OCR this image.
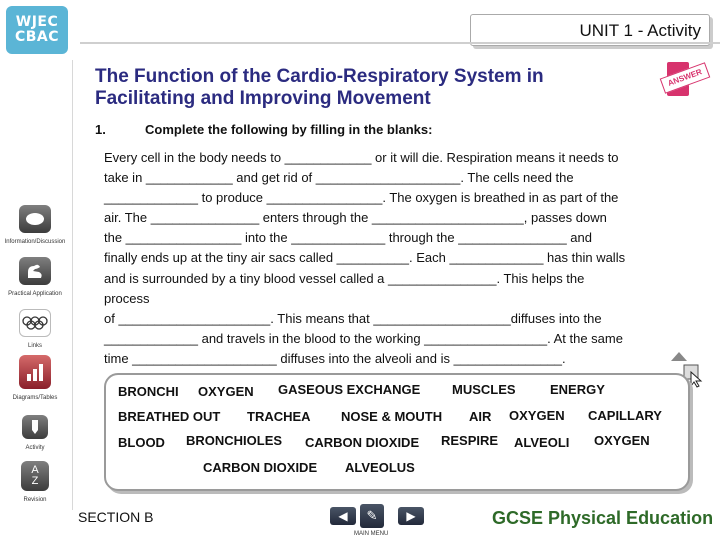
WJEC
CBAC	UNIT 1 - Activity
Information/Discussion
Practical Application
Links
Diagrams/Tables
Activity
A
Z
Revision
The Function of the Cardio-Respiratory System in
Facilitating and Improving Movement
ANSWER
1.	Complete the following by filling in the blanks:
Every cell in the body needs to ____________ or it will die. Respiration means it needs to
take in ____________ and get rid of ____________________. The cells need the
_____________ to produce ________________. The oxygen is breathed in as part of the
air. The _______________ enters through the _____________________, passes down
the ________________ into the _____________ through the _______________ and
finally ends up at the tiny air sacs called __________. Each _____________ has thin walls
and is surrounded by a tiny blood vessel called a _______________. This helps the
process
of _____________________. This means that ___________________diffuses into the
_____________ and travels in the blood to the working _________________. At the same
time ____________________ diffuses into the alveoli and is _______________.
BRONCHI OXYGEN GASEOUS EXCHANGE MUSCLES	ENERGY
BREATHED OUT TRACHEA NOSE & MOUTH AIR OXYGEN CAPILLARY
BLOOD BRONCHIOLES CARBON DIOXIDE RESPIRE ALVEOLI OXYGEN
CARBON DIOXIDE ALVEOLUS
SECTION B	◀ ✎
MAIN MENU
▶	GCSE Physical Education
